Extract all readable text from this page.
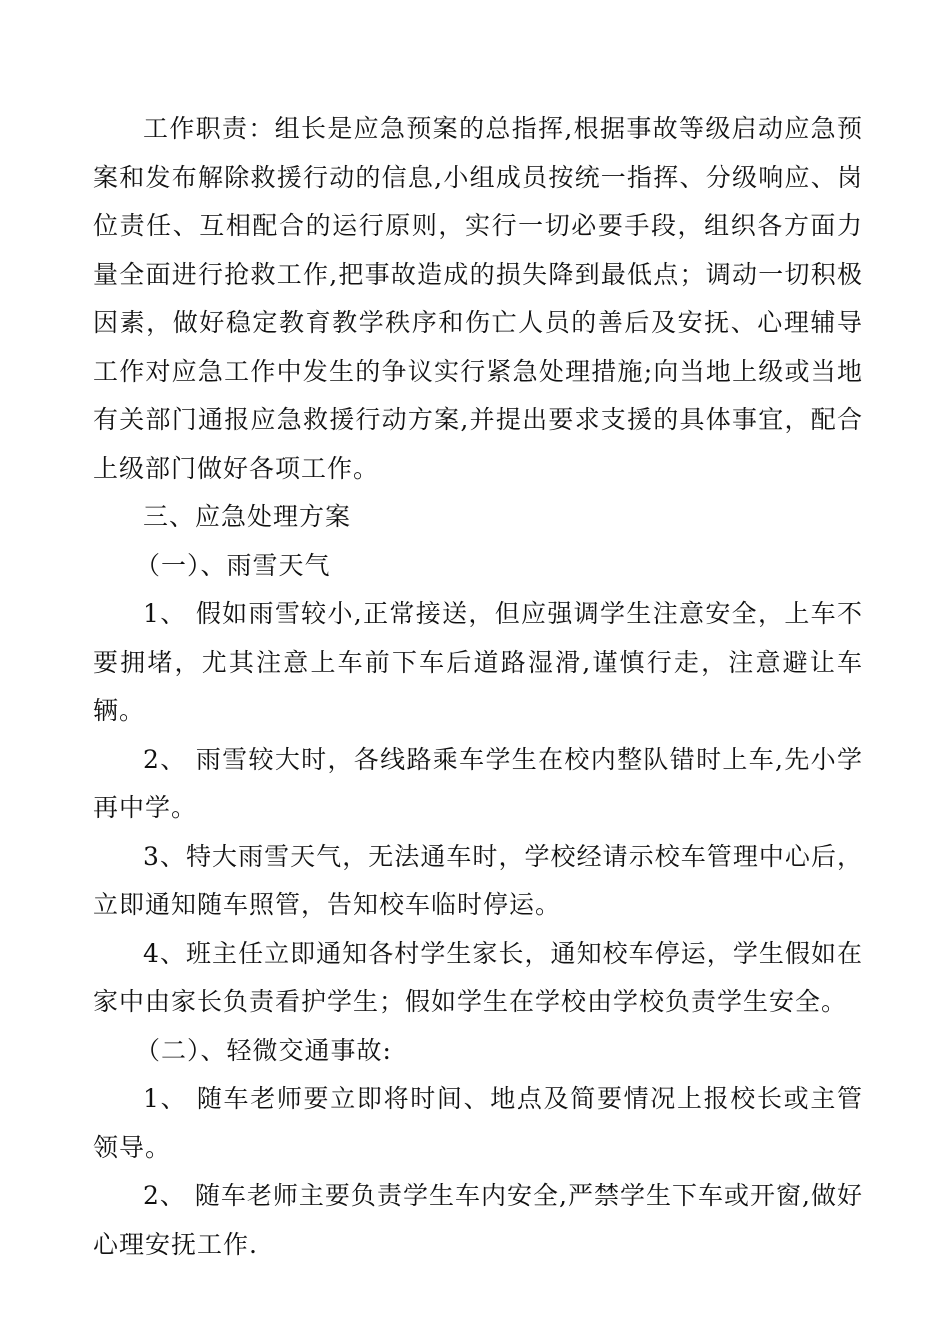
工作职责：组长是应急预案的总指挥,根据事故等级启动应急预案和发布解除救援行动的信息,小组成员按统一指挥、分级响应、岗位责任、互相配合的运行原则，实行一切必要手段，组织各方面力量全面进行抢救工作,把事故造成的损失降到最低点；调动一切积极因素，做好稳定教育教学秩序和伤亡人员的善后及安抚、心理辅导工作对应急工作中发生的争议实行紧急处理措施;向当地上级或当地有关部门通报应急救援行动方案,并提出要求支援的具体事宜，配合上级部门做好各项工作。

三、应急处理方案

（一）、雨雪天气

1、 假如雨雪较小,正常接送，但应强调学生注意安全，上车不要拥堵，尤其注意上车前下车后道路湿滑,谨慎行走，注意避让车辆。

2、 雨雪较大时，各线路乘车学生在校内整队错时上车,先小学再中学。

3、特大雨雪天气，无法通车时，学校经请示校车管理中心后，立即通知随车照管，告知校车临时停运。

4、班主任立即通知各村学生家长，通知校车停运，学生假如在家中由家长负责看护学生；假如学生在学校由学校负责学生安全。

（二）、轻微交通事故:

1、 随车老师要立即将时间、地点及简要情况上报校长或主管领导。

2、 随车老师主要负责学生车内安全,严禁学生下车或开窗,做好心理安抚工作.
